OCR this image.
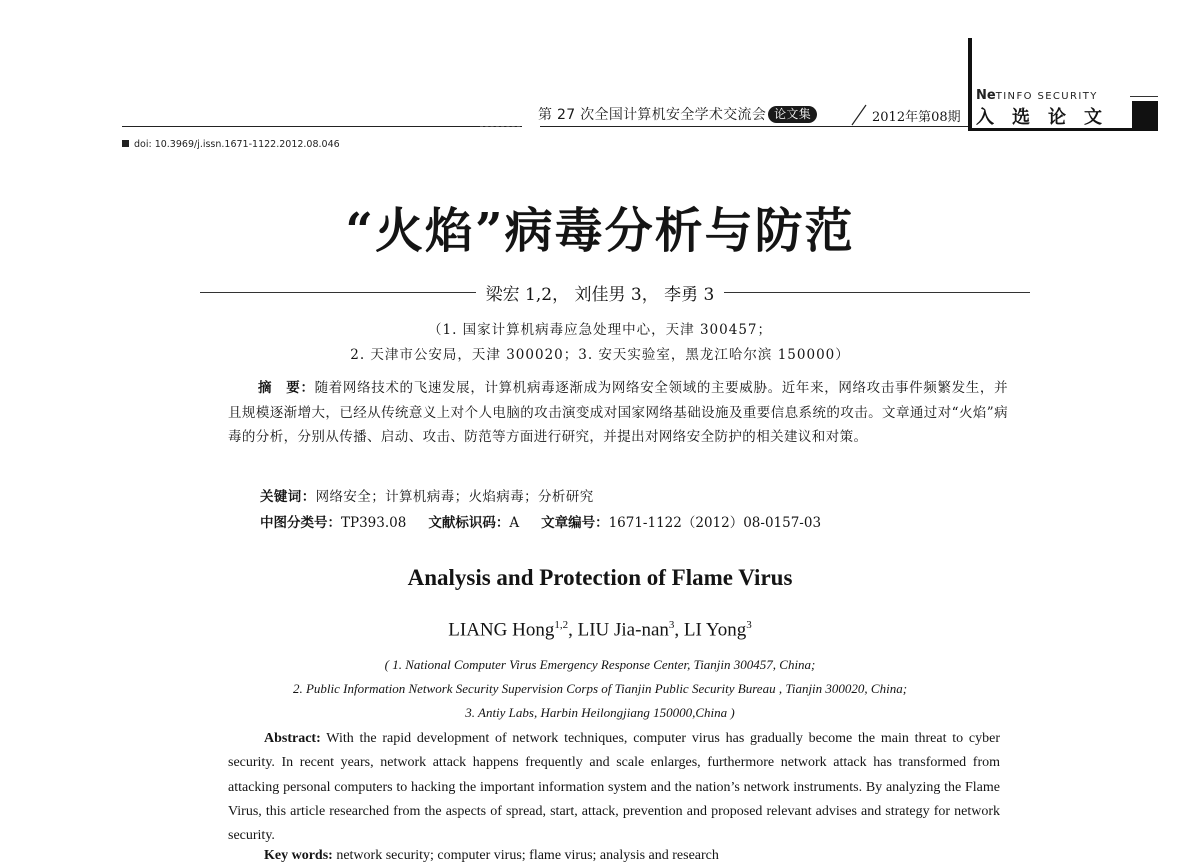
第 27 次全国计算机安全学术交流会 论文集	2012年第08期
NeTINFO SECURITY
入选论文
doi: 10.3969/j.issn.1671-1122.2012.08.046
“火焰”病毒分析与防范
梁宏 1,2， 刘佳男 3， 李勇 3
（1. 国家计算机病毒应急处理中心，天津 300457；
2. 天津市公安局，天津 300020；3. 安天实验室，黑龙江哈尔滨 150000）
摘　要：随着网络技术的飞速发展，计算机病毒逐渐成为网络安全领域的主要威胁。近年来，网络攻击事件频繁发生，并且规模逐渐增大，已经从传统意义上对个人电脑的攻击演变成对国家网络基础设施及重要信息系统的攻击。文章通过对“火焰”病毒的分析，分别从传播、启动、攻击、防范等方面进行研究，并提出对网络安全防护的相关建议和对策。
关键词：网络安全；计算机病毒；火焰病毒；分析研究
中图分类号：TP393.08 文献标识码：A 文章编号：1671-1122（2012）08-0157-03
Analysis and Protection of Flame Virus
LIANG Hong$^{1,2}$, LIU Jia-nan$^3$, LI Yong$^3$
( 1. National Computer Virus Emergency Response Center, Tianjin 300457, China;
2. Public Information Network Security Supervision Corps of Tianjin Public Security Bureau , Tianjin 300020, China;
3. Antiy Labs, Harbin Heilongjiang 150000,China )
Abstract: With the rapid development of network techniques, computer virus has gradually become the main threat to cyber security. In recent years, network attack happens frequently and scale enlarges, furthermore network attack has transformed from attacking personal computers to hacking the important information system and the nation’s network instruments. By analyzing the Flame Virus, this article researched from the aspects of spread, start, attack, prevention and proposed relevant advises and strategy for network security.
Key words: network security; computer virus; flame virus; analysis and research
